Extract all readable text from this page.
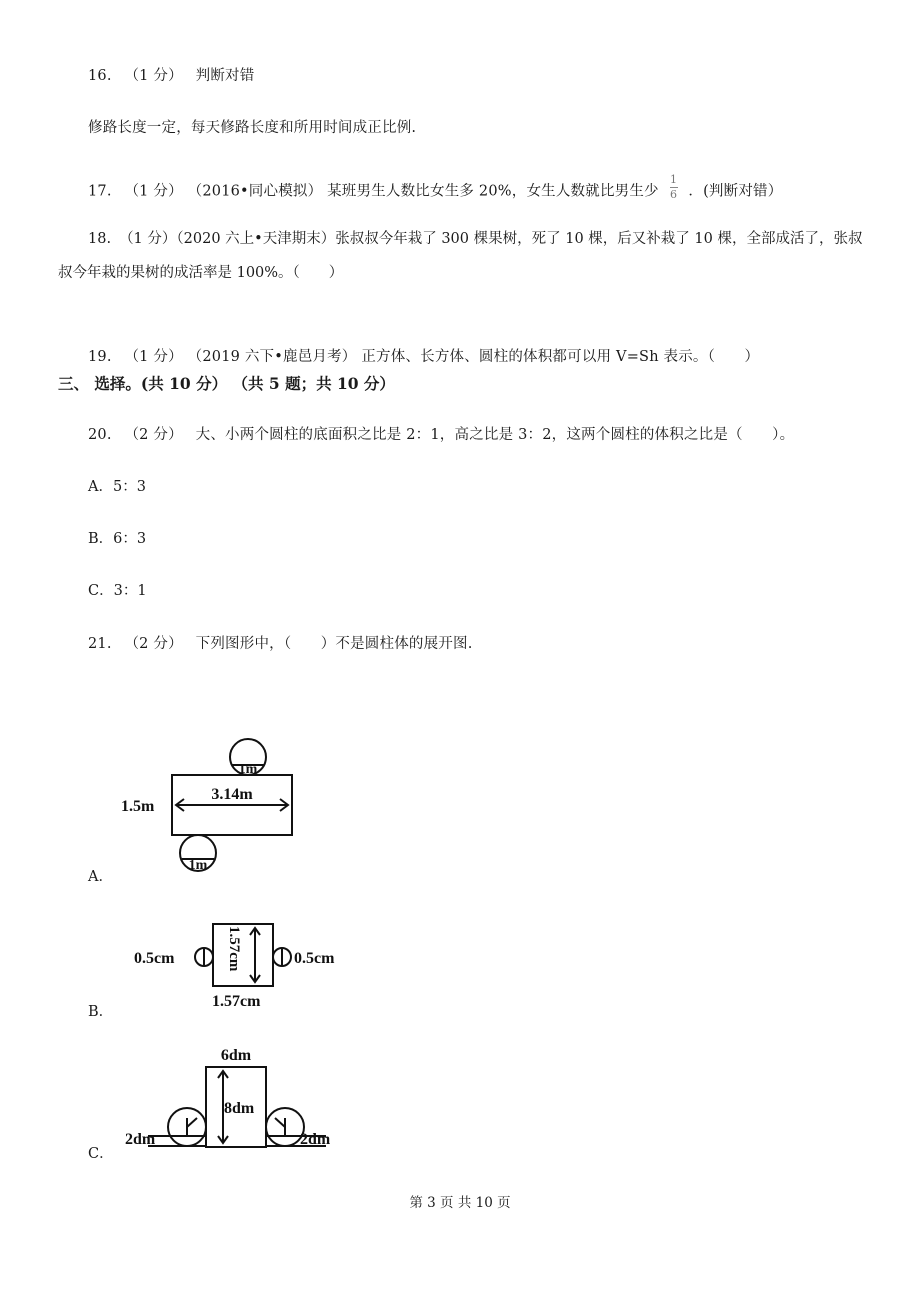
16. （1 分） 判断对错
修路长度一定，每天修路长度和所用时间成正比例.
17. （1 分） （2016•同心模拟） 某班男生人数比女生多 20%，女生人数就比男生少 $\frac{1}{6}$ ．(判断对错）
18. （1 分）（2020 六上•天津期末）张叔叔今年栽了 300 棵果树，死了 10 棵，后又补栽了 10 棵，全部成活了，张叔叔今年栽的果树的成活率是 100%。（　　）
19. （1 分） （2019 六下•鹿邑月考） 正方体、长方体、圆柱的体积都可以用 V=Sh 表示。（　　）
三、 选择。(共 10 分） （共 5 题；共 10 分）
20. （2 分） 大、小两个圆柱的底面积之比是 2：1，高之比是 3：2，这两个圆柱的体积之比是（　　）。
A．5：3
B．6：3
C．3：1
21. （2 分） 下列图形中，（　　）不是圆柱体的展开图.
1m
3.14m
1.5m
1m
A．
0.5cm	1.57cm	0.5cm
1.57cm
B．
6dm
8dm
2dm	2dm
C．
第 3 页 共 10 页
